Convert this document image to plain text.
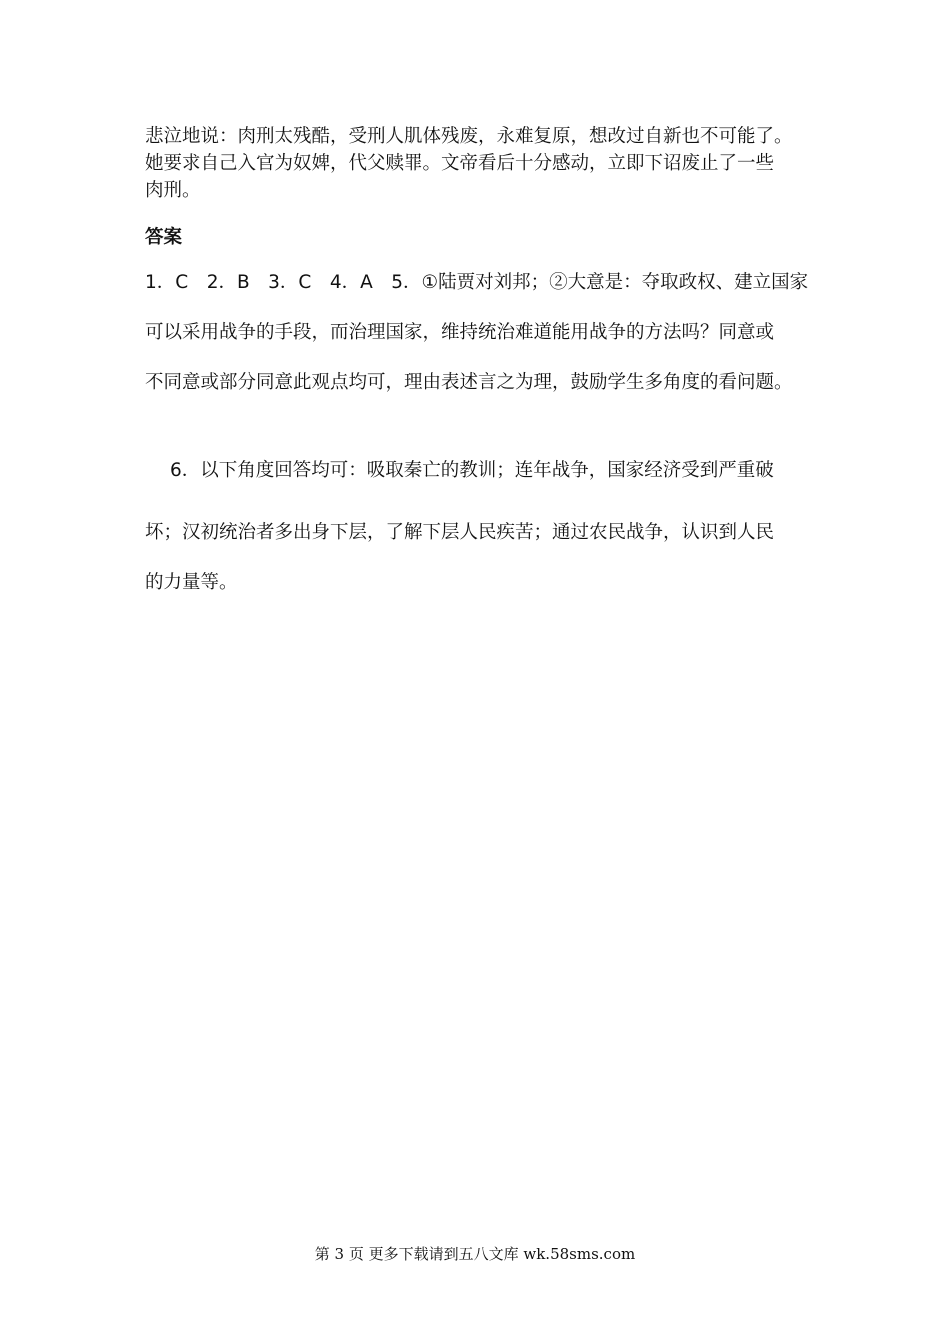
悲泣地说：肉刑太残酷，受刑人肌体残废，永难复原，想改过自新也不可能了。
她要求自己入官为奴婢，代父赎罪。文帝看后十分感动，立即下诏废止了一些
肉刑。
答案
1．C　2．B　3．C　4．A　5．①陆贾对刘邦；②大意是：夺取政权、建立国家
可以采用战争的手段，而治理国家，维持统治难道能用战争的方法吗？同意或
不同意或部分同意此观点均可，理由表述言之为理，鼓励学生多角度的看问题。
6．以下角度回答均可：吸取秦亡的教训；连年战争，国家经济受到严重破
坏；汉初统治者多出身下层，了解下层人民疾苦；通过农民战争，认识到人民
的力量等。
第 3 页 更多下载请到五八文库 wk.58sms.com
